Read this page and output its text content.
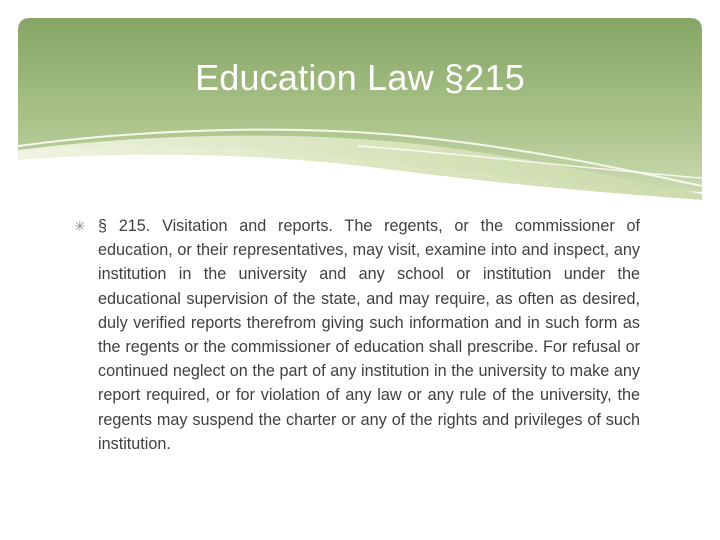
Education Law §215
✳ § 215. Visitation and reports. The regents, or the commissioner of education, or their representatives, may visit, examine into and inspect, any institution in the university and any school or institution under the educational supervision of the state, and may require, as often as desired, duly verified reports therefrom giving such information and in such form as the regents or the commissioner of education shall prescribe. For refusal or continued neglect on the part of any institution in the university to make any report required, or for violation of any law or any rule of the university, the regents may suspend the charter or any of the rights and privileges of such institution.
